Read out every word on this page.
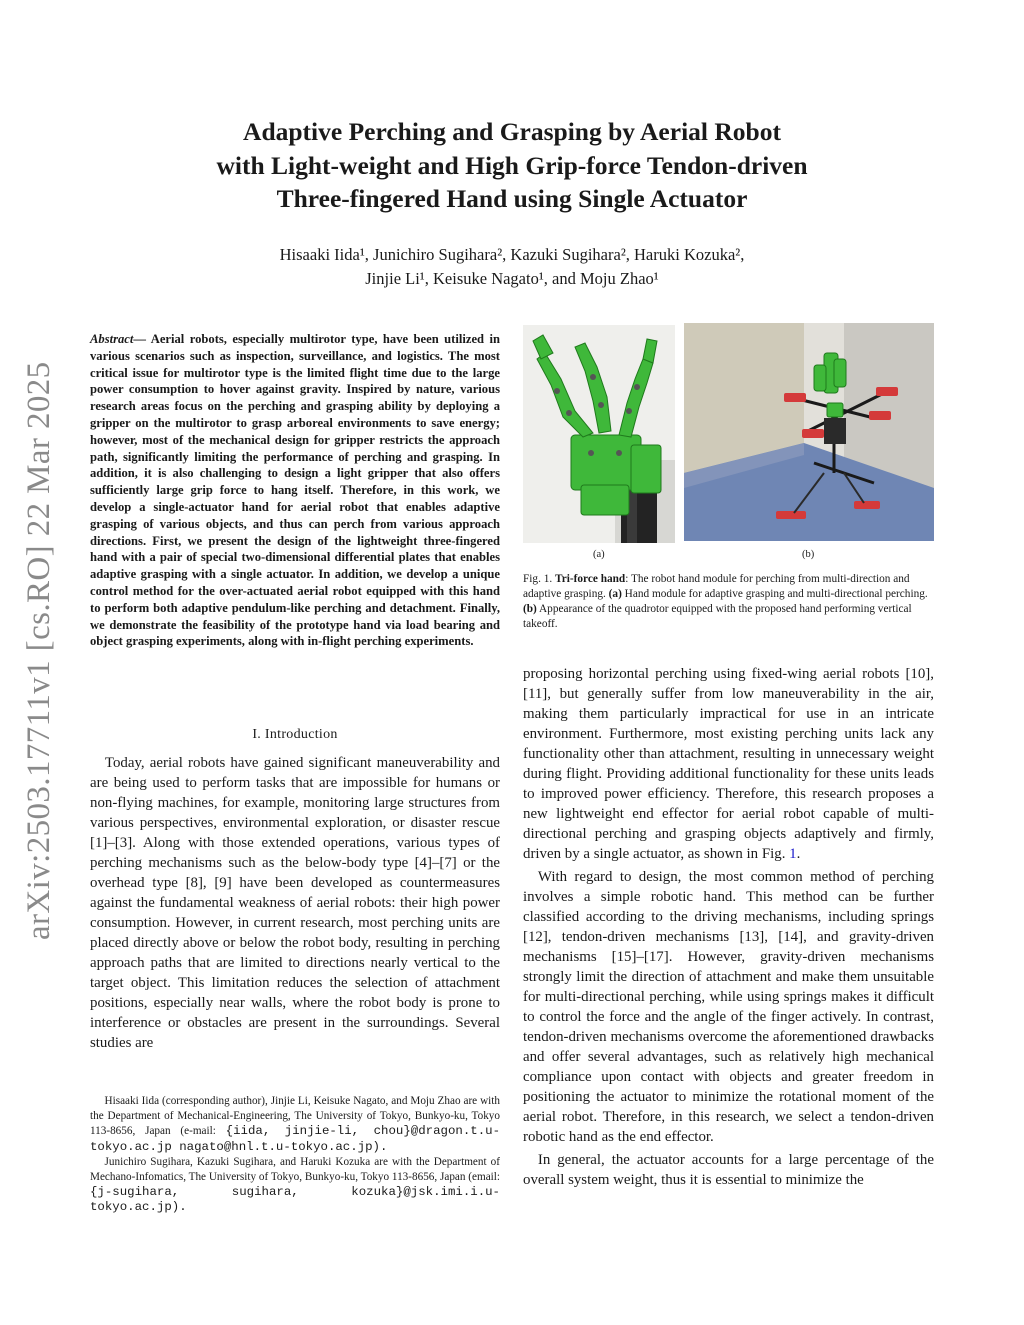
arXiv:2503.17711v1 [cs.RO] 22 Mar 2025
Adaptive Perching and Grasping by Aerial Robot
with Light-weight and High Grip-force Tendon-driven
Three-fingered Hand using Single Actuator
Hisaaki Iida¹, Junichiro Sugihara², Kazuki Sugihara², Haruki Kozuka²,
Jinjie Li¹, Keisuke Nagato¹, and Moju Zhao¹
Abstract— Aerial robots, especially multirotor type, have been utilized in various scenarios such as inspection, surveillance, and logistics. The most critical issue for multirotor type is the limited flight time due to the large power consumption to hover against gravity. Inspired by nature, various research areas focus on the perching and grasping ability by deploying a gripper on the multirotor to grasp arboreal environments to save energy; however, most of the mechanical design for gripper restricts the approach path, significantly limiting the performance of perching and grasping. In addition, it is also challenging to design a light gripper that also offers sufficiently large grip force to hang itself. Therefore, in this work, we develop a single-actuator hand for aerial robot that enables adaptive grasping of various objects, and thus can perch from various approach directions. First, we present the design of the lightweight three-fingered hand with a pair of special two-dimensional differential plates that enables adaptive grasping with a single actuator. In addition, we develop a unique control method for the over-actuated aerial robot equipped with this hand to perform both adaptive pendulum-like perching and detachment. Finally, we demonstrate the feasibility of the prototype hand via load bearing and object grasping experiments, along with in-flight perching experiments.
I. Introduction
Today, aerial robots have gained significant maneuverability and are being used to perform tasks that are impossible for humans or non-flying machines, for example, monitoring large structures from various perspectives, environmental exploration, or disaster rescue [1]–[3]. Along with those extended operations, various types of perching mechanisms such as the below-body type [4]–[7] or the overhead type [8], [9] have been developed as countermeasures against the fundamental weakness of aerial robots: their high power consumption. However, in current research, most perching units are placed directly above or below the robot body, resulting in perching approach paths that are limited to directions nearly vertical to the target object. This limitation reduces the selection of attachment positions, especially near walls, where the robot body is prone to interference or obstacles are present in the surroundings. Several studies are

Hisaaki Iida (corresponding author), Jinjie Li, Keisuke Nagato, and Moju Zhao are with the Department of Mechanical-Engineering, The University of Tokyo, Bunkyo-ku, Tokyo 113-8656, Japan (e-mail: {iida, jinjie-li, chou}@dragon.t.u-tokyo.ac.jp nagato@hnl.t.u-tokyo.ac.jp).

Junichiro Sugihara, Kazuki Sugihara, and Haruki Kozuka are with the Department of Mechano-Infomatics, The University of Tokyo, Bunkyo-ku, Tokyo 113-8656, Japan (email: {j-sugihara, sugihara, kozuka}@jsk.imi.i.u-tokyo.ac.jp).

(a)	(b)
Fig. 1. Tri-force hand: The robot hand module for perching from multi-direction and adaptive grasping. (a) Hand module for adaptive grasping and multi-directional perching. (b) Appearance of the quadrotor equipped with the proposed hand performing vertical takeoff.

proposing horizontal perching using fixed-wing aerial robots [10], [11], but generally suffer from low maneuverability in the air, making them particularly impractical for use in an intricate environment. Furthermore, most existing perching units lack any functionality other than attachment, resulting in unnecessary weight during flight. Providing additional functionality for these units leads to improved power efficiency. Therefore, this research proposes a new lightweight end effector for aerial robot capable of multi-directional perching and grasping objects adaptively and firmly, driven by a single actuator, as shown in Fig. 1.

With regard to design, the most common method of perching involves a simple robotic hand. This method can be further classified according to the driving mechanisms, including springs [12], tendon-driven mechanisms [13], [14], and gravity-driven mechanisms [15]–[17]. However, gravity-driven mechanisms strongly limit the direction of attachment and make them unsuitable for multi-directional perching, while using springs makes it difficult to control the force and the angle of the finger actively. In contrast, tendon-driven mechanisms overcome the aforementioned drawbacks and offer several advantages, such as relatively high mechanical compliance upon contact with objects and greater freedom in positioning the actuator to minimize the rotational moment of the aerial robot. Therefore, in this research, we select a tendon-driven robotic hand as the end effector.

In general, the actuator accounts for a large percentage of the overall system weight, thus it is essential to minimize the
